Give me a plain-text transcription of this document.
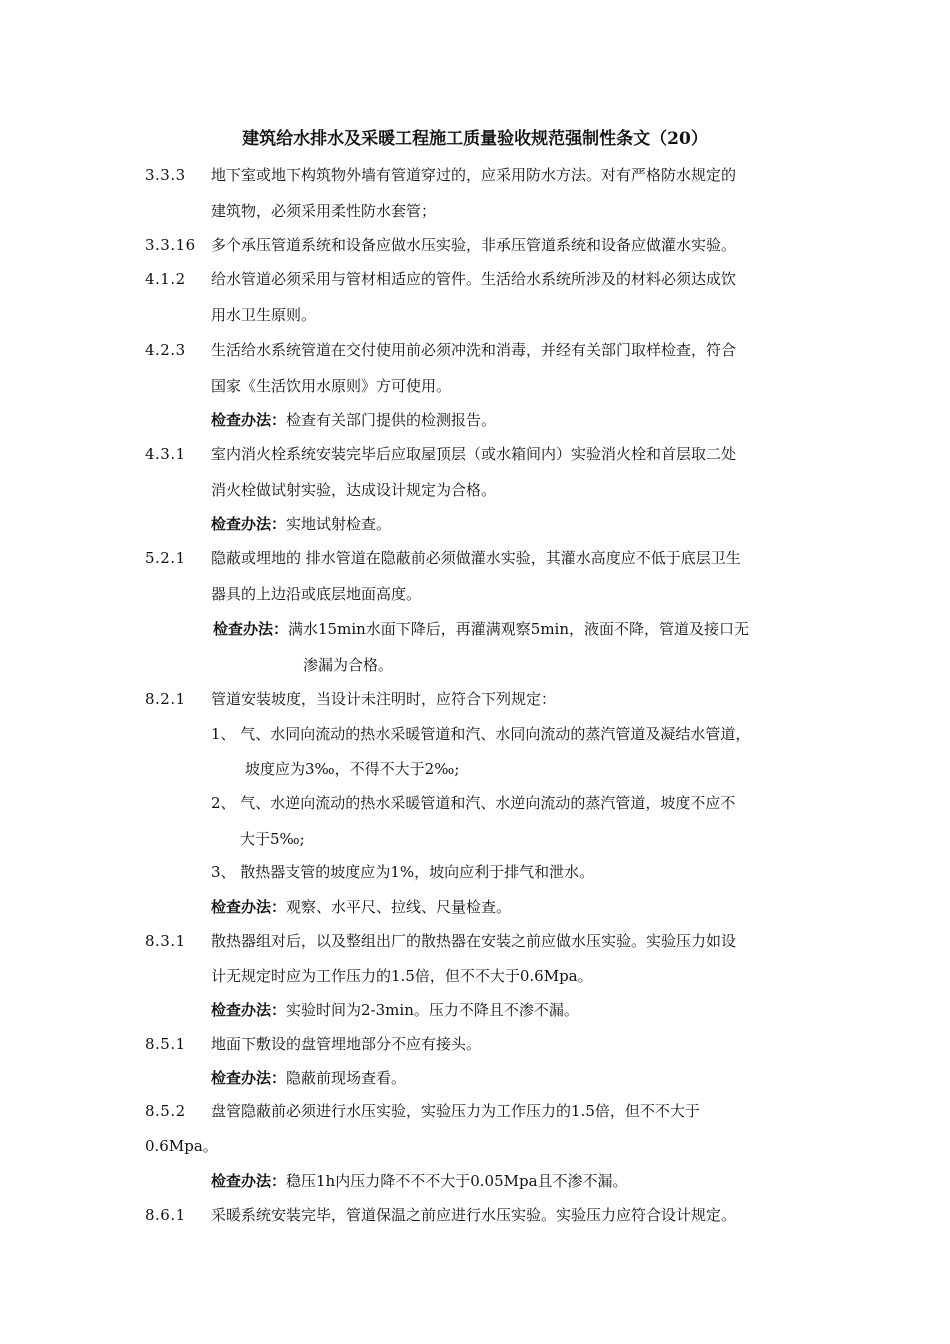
建筑给水排水及采暖工程施工质量验收规范强制性条文（20）
3.3.3 地下室或地下构筑物外墙有管道穿过的，应采用防水方法。对有严格防水规定的
建筑物，必须采用柔性防水套管；
3.3.16 多个承压管道系统和设备应做水压实验，非承压管道系统和设备应做灌水实验。
4.1.2 给水管道必须采用与管材相适应的管件。生活给水系统所涉及的材料必须达成饮
用水卫生原则。
4.2.3 生活给水系统管道在交付使用前必须冲洗和消毒，并经有关部门取样检查，符合
国家《生活饮用水原则》方可使用。
检查办法：检查有关部门提供的检测报告。
4.3.1 室内消火栓系统安装完毕后应取屋顶层（或水箱间内）实验消火栓和首层取二处
消火栓做试射实验，达成设计规定为合格。
检查办法：实地试射检查。
5.2.1 隐蔽或埋地的 排水管道在隐蔽前必须做灌水实验，其灌水高度应不低于底层卫生
器具的上边沿或底层地面高度。
检查办法：满水15min水面下降后，再灌满观察5min，液面不降，管道及接口无
渗漏为合格。
8.2.1 管道安装坡度，当设计未注明时，应符合下列规定：
1、 气、水同向流动的热水采暖管道和汽、水同向流动的蒸汽管道及凝结水管道，
坡度应为3‰，不得不大于2‰;
2、 气、水逆向流动的热水采暖管道和汽、水逆向流动的蒸汽管道，坡度不应不
大于5‰;
3、 散热器支管的坡度应为1%，坡向应利于排气和泄水。
检查办法：观察、水平尺、拉线、尺量检查。
8.3.1 散热器组对后，以及整组出厂的散热器在安装之前应做水压实验。实验压力如设
计无规定时应为工作压力的1.5倍，但不不大于0.6Mpa。
检查办法：实验时间为2-3min。压力不降且不渗不漏。
8.5.1 地面下敷设的盘管埋地部分不应有接头。
检查办法：隐蔽前现场查看。
8.5.2 盘管隐蔽前必须进行水压实验，实验压力为工作压力的1.5倍，但不不大于
0.6Mpa。
检查办法：稳压1h内压力降不不不大于0.05Mpa且不渗不漏。
8.6.1 采暖系统安装完毕，管道保温之前应进行水压实验。实验压力应符合设计规定。
